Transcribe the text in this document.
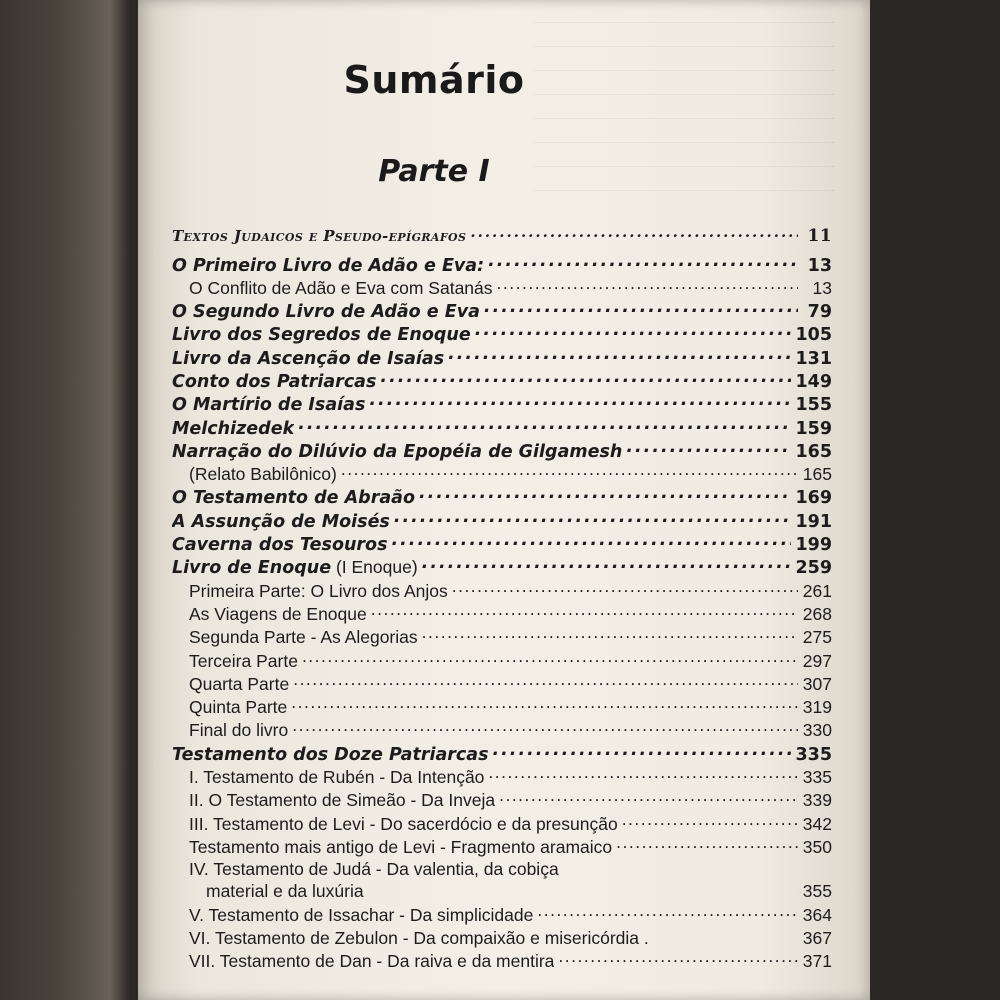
Sumário
Parte I
Textos Judaicos e Pseudo-epígrafos .....	11
O Primeiro Livro de Adão e Eva: .....	13
O Conflito de Adão e Eva com Satanás .....	13
O Segundo Livro de Adão e Eva .....	79
Livro dos Segredos de Enoque .....	105
Livro da Ascenção de Isaías .....	131
Conto dos Patriarcas .....	149
O Martírio de Isaías .....	155
Melchizedek .....	159
Narração do Dilúvio da Epopéia de Gilgamesh .....	165
(Relato Babilônico) .....	165
O Testamento de Abraão .....	169
A Assunção de Moisés .....	191
Caverna dos Tesouros .....	199
Livro de Enoque (I Enoque) .....	259
Primeira Parte: O Livro dos Anjos .....	261
As Viagens de Enoque .....	268
Segunda Parte - As Alegorias .....	275
Terceira Parte .....	297
Quarta Parte .....	307
Quinta Parte .....	319
Final do livro .....	330
Testamento dos Doze Patriarcas .....	335
I. Testamento de Rubén - Da Intenção .....	335
II. O Testamento de Simeão - Da Inveja .....	339
III. Testamento de Levi - Do sacerdócio e da presunção .....	342
Testamento mais antigo de Levi - Fragmento aramaico .....	350
IV. Testamento de Judá - Da valentia, da cobiça
material e da luxúria	355
V. Testamento de Issachar - Da simplicidade .....	364
VI. Testamento de Zebulon - Da compaixão e misericórdia .	367
VII. Testamento de Dan - Da raiva e da mentira .....	371
